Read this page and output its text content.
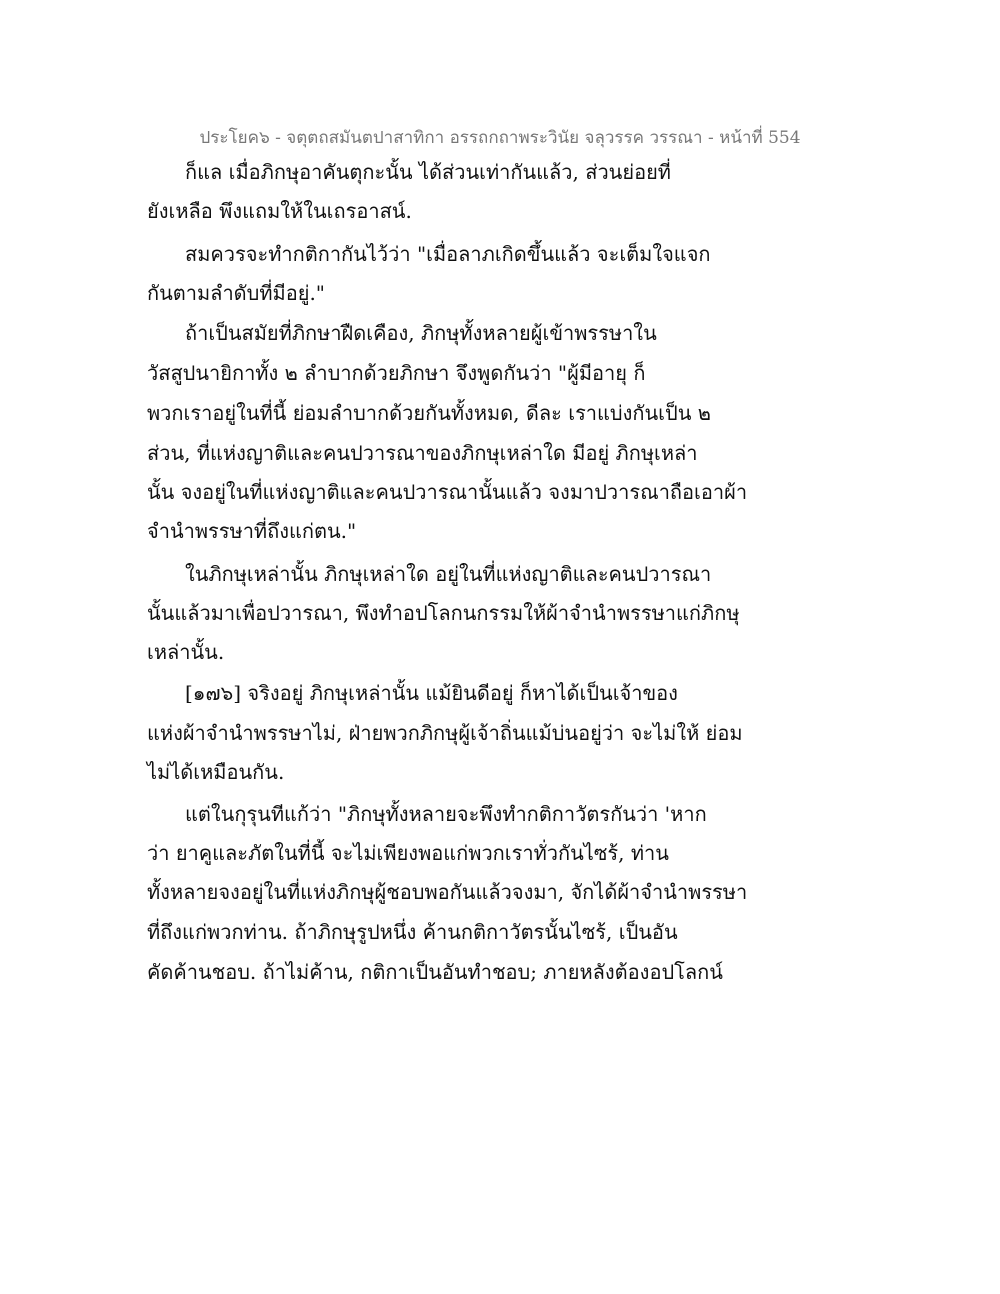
ประโยค๖ - จตุตถสมันตปาสาทิกา อรรถกถาพระวินัย จลุวรรค วรรณา - หน้าที่ 554
ก็แล เมื่อภิกษุอาคันตุกะนั้น ได้ส่วนเท่ากันแล้ว, ส่วนย่อยที่
ยังเหลือ พึงแถมให้ในเถรอาสน์.
สมควรจะทำกติกากันไว้ว่า "เมื่อลาภเกิดขึ้นแล้ว จะเต็มใจแจก
กันตามลำดับที่มีอยู่."
ถ้าเป็นสมัยที่ภิกษาฝืดเคือง, ภิกษุทั้งหลายผู้เข้าพรรษาใน
วัสสูปนายิกาทั้ง ๒ ลำบากด้วยภิกษา จึงพูดกันว่า "ผู้มีอายุ ก็
พวกเราอยู่ในที่นี้ ย่อมลำบากด้วยกันทั้งหมด, ดีละ เราแบ่งกันเป็น ๒
ส่วน, ที่แห่งญาติและคนปวารณาของภิกษุเหล่าใด มีอยู่ ภิกษุเหล่า
นั้น จงอยู่ในที่แห่งญาติและคนปวารณานั้นแล้ว จงมาปวารณาถือเอาผ้า
จำนำพรรษาที่ถึงแก่ตน."
ในภิกษุเหล่านั้น ภิกษุเหล่าใด อยู่ในที่แห่งญาติและคนปวารณา
นั้นแล้วมาเพื่อปวารณา, พึงทำอปโลกนกรรมให้ผ้าจำนำพรรษาแก่ภิกษุ
เหล่านั้น.
[๑๗๖] จริงอยู่ ภิกษุเหล่านั้น แม้ยินดีอยู่ ก็หาได้เป็นเจ้าของ
แห่งผ้าจำนำพรรษาไม่, ฝ่ายพวกภิกษุผู้เจ้าถิ่นแม้บ่นอยู่ว่า จะไม่ให้ ย่อม
ไม่ได้เหมือนกัน.
แต่ในกุรุนทีแก้ว่า "ภิกษุทั้งหลายจะพึงทำกติกาวัตรกันว่า 'หาก
ว่า ยาคูและภัตในที่นี้ จะไม่เพียงพอแก่พวกเราทั่วกันไซร้, ท่าน
ทั้งหลายจงอยู่ในที่แห่งภิกษุผู้ชอบพอกันแล้วจงมา, จักได้ผ้าจำนำพรรษา
ที่ถึงแก่พวกท่าน. ถ้าภิกษุรูปหนึ่ง ค้านกติกาวัตรนั้นไซร้, เป็นอัน
คัดค้านชอบ. ถ้าไม่ค้าน, กติกาเป็นอันทำชอบ; ภายหลังต้องอปโลกน์
